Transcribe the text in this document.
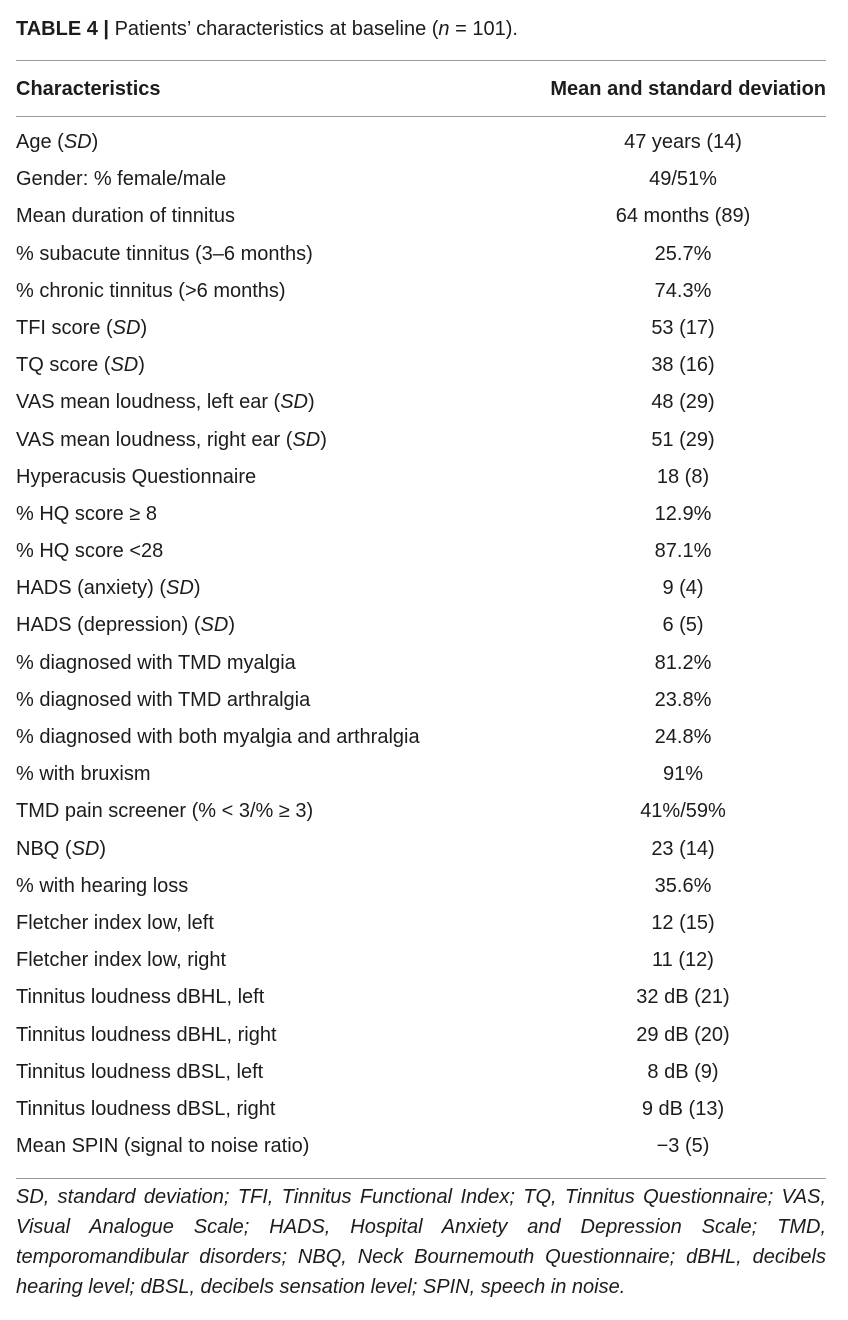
TABLE 4 | Patients’ characteristics at baseline (n = 101).
Characteristics	Mean and standard deviation
Age (SD)	47 years (14)
Gender: % female/male	49/51%
Mean duration of tinnitus	64 months (89)
% subacute tinnitus (3–6 months)	25.7%
% chronic tinnitus (>6 months)	74.3%
TFI score (SD)	53 (17)
TQ score (SD)	38 (16)
VAS mean loudness, left ear (SD)	48 (29)
VAS mean loudness, right ear (SD)	51 (29)
Hyperacusis Questionnaire	18 (8)
% HQ score ≥ 8	12.9%
% HQ score <28	87.1%
HADS (anxiety) (SD)	9 (4)
HADS (depression) (SD)	6 (5)
% diagnosed with TMD myalgia	81.2%
% diagnosed with TMD arthralgia	23.8%
% diagnosed with both myalgia and arthralgia	24.8%
% with bruxism	91%
TMD pain screener (% < 3/% ≥ 3)	41%/59%
NBQ (SD)	23 (14)
% with hearing loss	35.6%
Fletcher index low, left	12 (15)
Fletcher index low, right	11 (12)
Tinnitus loudness dBHL, left	32 dB (21)
Tinnitus loudness dBHL, right	29 dB (20)
Tinnitus loudness dBSL, left	8 dB (9)
Tinnitus loudness dBSL, right	9 dB (13)
Mean SPIN (signal to noise ratio)	−3 (5)
SD, standard deviation; TFI, Tinnitus Functional Index; TQ, Tinnitus Questionnaire; VAS, Visual Analogue Scale; HADS, Hospital Anxiety and Depression Scale; TMD, temporomandibular disorders; NBQ, Neck Bournemouth Questionnaire; dBHL, decibels hearing level; dBSL, decibels sensation level; SPIN, speech in noise.
